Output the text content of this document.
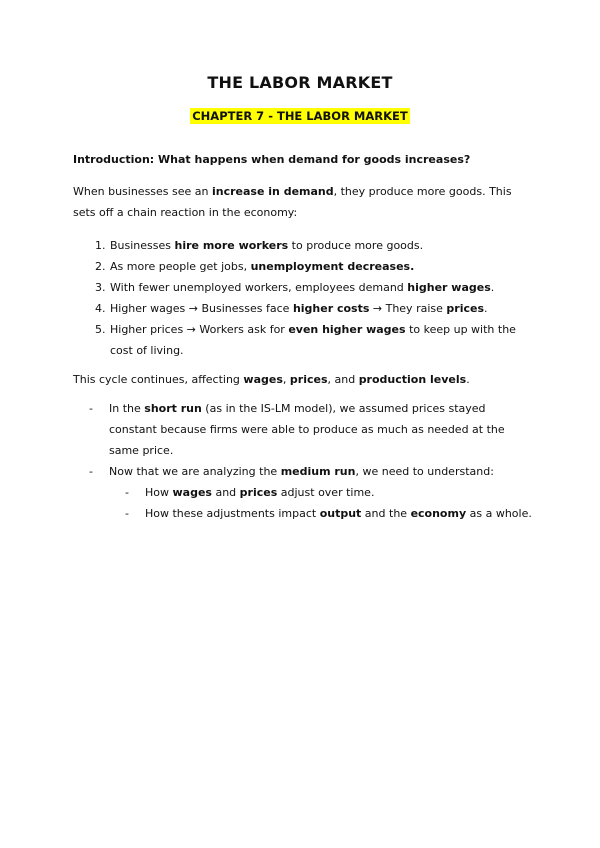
THE LABOR MARKET
CHAPTER 7 - THE LABOR MARKET

Introduction: What happens when demand for goods increases?

When businesses see an increase in demand, they produce more goods. This sets off a chain reaction in the economy:

1. Businesses hire more workers to produce more goods.
2. As more people get jobs, unemployment decreases.
3. With fewer unemployed workers, employees demand higher wages.
4. Higher wages → Businesses face higher costs → They raise prices.
5. Higher prices → Workers ask for even higher wages to keep up with the cost of living.

This cycle continues, affecting wages, prices, and production levels.

- In the short run (as in the IS-LM model), we assumed prices stayed constant because firms were able to produce as much as needed at the same price.
- Now that we are analyzing the medium run, we need to understand:
- How wages and prices adjust over time.
- How these adjustments impact output and the economy as a whole.
